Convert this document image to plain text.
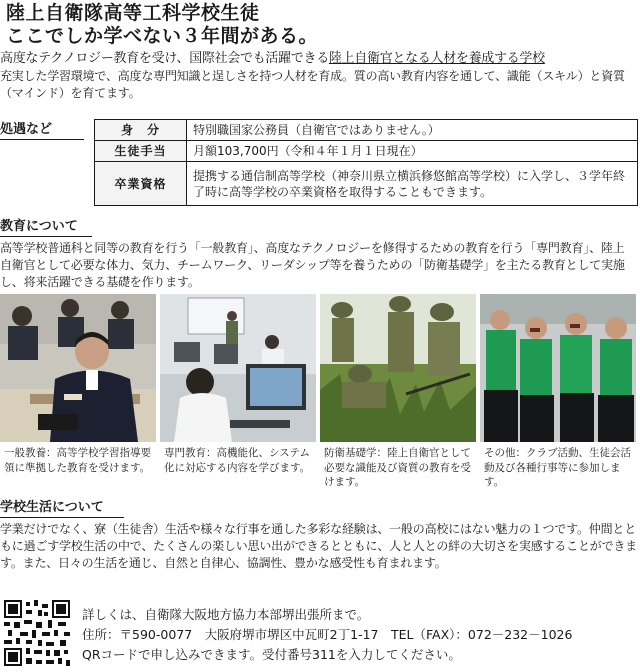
陸上自衛隊高等工科学校生徒
ここでしか学べない３年間がある。
高度なテクノロジー教育を受け、国際社会でも活躍できる陸上自衛官となる人材を養成する学校
充実した学習環境で、高度な専門知識と逞しさを持つ人材を育成。質の高い教育内容を通して、識能（スキル）と資質（マインド）を育てます。
処遇など	身　分	特別職国家公務員（自衛官ではありません。）
生徒手当	月額103,700円（令和４年１月１日現在）
卒業資格	提携する通信制高等学校（神奈川県立横浜修悠館高等学校）に入学し、３学年終了時に高等学校の卒業資格を取得することもできます。
教育について
高等学校普通科と同等の教育を行う「一般教育」、高度なテクノロジーを修得するための教育を行う「専門教育」、陸上自衛官として必要な体力、気力、チームワーク、リーダシップ等を養うための「防衛基礎学」を主たる教育として実施し、将来活躍できる基礎を作ります。
一般教養：高等学校学習指導要領に準拠した教育を受けます。
専門教育：高機能化、システム化に対応する内容を学びます。
防衛基礎学：陸上自衛官として必要な識能及び資質の教育を受けます。
その他：クラブ活動、生徒会活動及び各種行事等に参加します。
学校生活について
学業だけでなく、寮（生徒舎）生活や様々な行事を通した多彩な経験は、一般の高校にはない魅力の１つです。仲間とともに過ごす学校生活の中で、たくさんの楽しい思い出ができるとともに、人と人との絆の大切さを実感することができます。また、日々の生活を通じ、自然と自律心、協調性、豊かな感受性も育まれます。
詳しくは、自衛隊大阪地方協力本部堺出張所まで。
住所：〒590-0077　大阪府堺市堺区中瓦町2丁1-17　TEL（FAX）：072－232－1026
QRコードで申し込みできます。受付番号311を入力してください。
